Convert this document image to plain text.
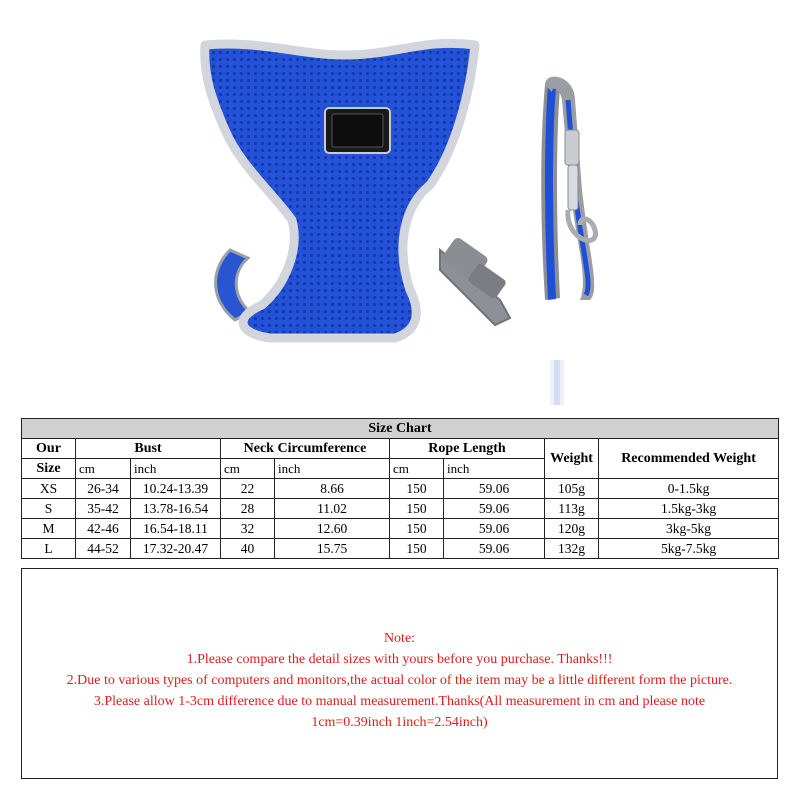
Size Chart								
Our	Bust		Neck Circumference		Rope Length		Weight	Recommended Weight
Size	cm	inch	cm	inch	cm	inch		
XS	26-34	10.24-13.39	22	8.66	150	59.06	105g	0-1.5kg
S	35-42	13.78-16.54	28	11.02	150	59.06	113g	1.5kg-3kg
M	42-46	16.54-18.11	32	12.60	150	59.06	120g	3kg-5kg
L	44-52	17.32-20.47	40	15.75	150	59.06	132g	5kg-7.5kg
Note:
1.Please compare the detail sizes with yours before you purchase. Thanks!!!
2.Due to various types of computers and monitors,the actual color of the item may be a little different form the picture.
3.Please allow 1-3cm difference due to manual measurement.Thanks(All measurement in cm and please note
1cm=0.39inch 1inch=2.54inch)
